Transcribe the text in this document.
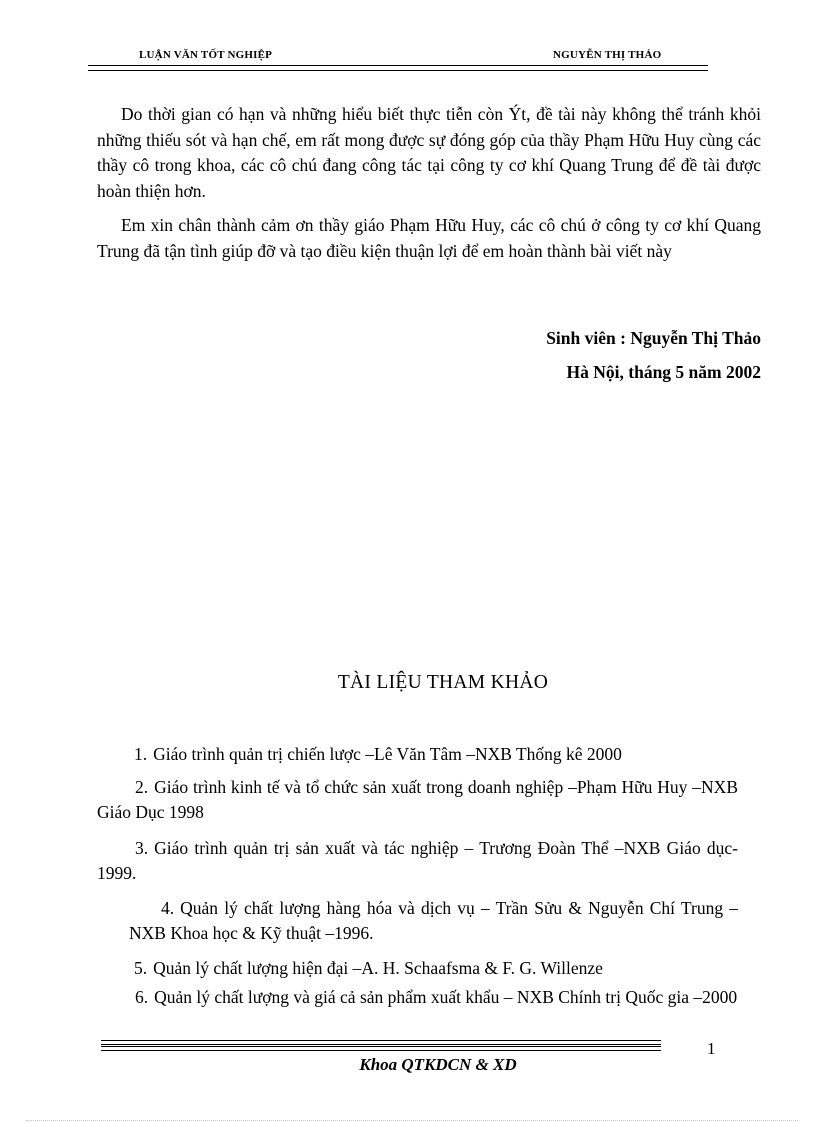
LUẬN VĂN TỐT NGHIỆP	NGUYỄN THỊ THẢO

Do thời gian có hạn và những hiểu biết thực tiễn còn Ýt, đề tài này không thể tránh khỏi những thiếu sót và hạn chế, em rất mong được sự đóng góp của thầy Phạm Hữu Huy cùng các thầy cô trong khoa, các cô chú đang công tác tại công ty cơ khí Quang Trung để đề tài được hoàn thiện hơn.

Em xin chân thành cảm ơn thầy giáo Phạm Hữu Huy, các cô chú ở công ty cơ khí Quang Trung đã tận tình giúp đỡ và tạo điều kiện thuận lợi để em hoàn thành bài viết này

Sinh viên : Nguyễn Thị Thảo
Hà Nội, tháng 5 năm 2002
TÀI LIỆU THAM KHẢO

1. Giáo trình quản trị chiến lược –Lê Văn Tâm –NXB Thống kê 2000

2. Giáo trình kinh tế và tổ chức sản xuất trong doanh nghiệp –Phạm Hữu Huy –NXB Giáo Dục 1998

3. Giáo trình quản trị sản xuất và tác nghiệp – Trương Đoàn Thể –NXB Giáo dục-1999.

4. Quản lý chất lượng hàng hóa và dịch vụ – Trần Sửu & Nguyễn Chí Trung –NXB Khoa học & Kỹ thuật –1996.

5. Quản lý chất lượng hiện đại –A. H. Schaafsma & F. G. Willenze

6. Quản lý chất lượng và giá cả sản phẩm xuất khẩu – NXB Chính trị Quốc gia –2000

1
Khoa QTKDCN & XD
